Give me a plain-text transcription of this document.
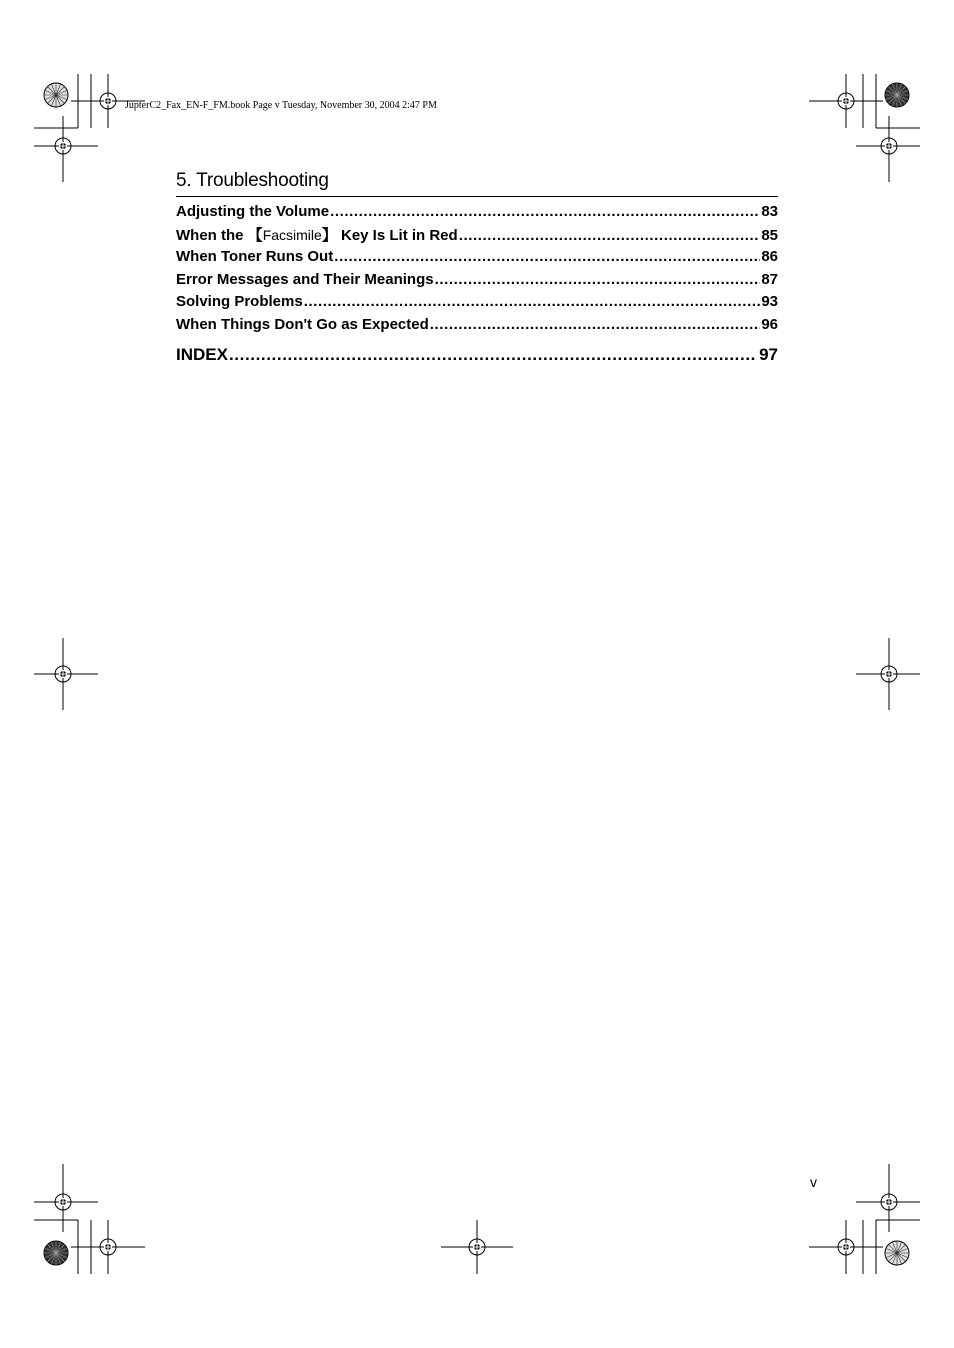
JupterC2_Fax_EN-F_FM.book Page v Tuesday, November 30, 2004 2:47 PM
5. Troubleshooting
Adjusting the Volume .....	83
When the 【Facsimile】 Key Is Lit in Red .....	85
When Toner Runs Out .....	86
Error Messages and Their Meanings .....	87
Solving Problems .....	93
When Things Don't Go as Expected .....	96
INDEX .....	97
v
